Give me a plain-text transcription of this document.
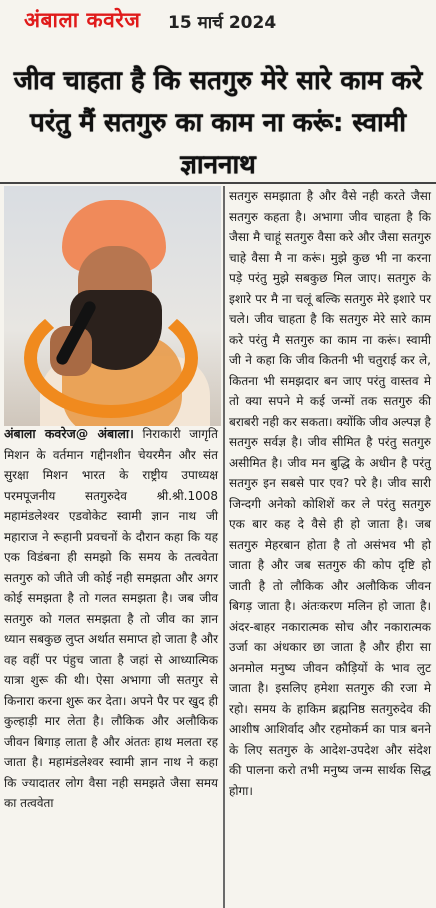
अंबाला कवरेज 15 मार्च 2024
जीव चाहता है कि सतगुरु मेरे सारे काम करे परंतु मैं सतगुरु का काम ना करूं: स्वामी ज्ञाननाथ
अंबाला कवरेज@ अंबाला। निराकारी जागृति मिशन के वर्तमान गद्दीनशीन चेयरमैन और संत सुरक्षा मिशन भारत के राष्ट्रीय उपाध्यक्ष परमपूजनीय सतगुरुदेव श्री.श्री.1008 महामंडलेश्वर एडवोकेट स्वामी ज्ञान नाथ जी महाराज ने रूहानी प्रवचनों के दौरान कहा कि यह एक विडंबना ही समझो कि समय के तत्ववेता सतगुरु को जीते जी कोई नही समझता और अगर कोई समझता है तो गलत समझता है। जब जीव सतगुरु को गलत समझता है तो जीव का ज्ञान ध्यान सबकुछ लुप्त अर्थात समाप्त हो जाता है और वह वहीं पर पंहुच जाता है जहां से आध्यात्मिक यात्रा शुरू की थी। ऐसा अभागा जी सतगुर से किनारा करना शुरू कर देता। अपने पैर पर खुद ही कुल्हाड़ी मार लेता है। लौकिक और अलौकिक जीवन बिगाड़ लाता है और अंततः हाथ मलता रह जाता है। महामंडलेश्वर स्वामी ज्ञान नाथ ने कहा कि ज्यादातर लोग वैसा नही समझते जैसा समय का तत्ववेता
सतगुरु समझाता है और वैसे नही करते जैसा सतगुरु कहता है। अभागा जीव चाहता है कि जैसा मै चाहूं सतगुरु वैसा करे और जैसा सतगुरु चाहे वैसा मै ना करूं। मुझे कुछ भी ना करना पड़े परंतु मुझे सबकुछ मिल जाए। सतगुरु के इशारे पर मै ना चलूं बल्कि सतगुरु मेरे इशारे पर चले। जीव चाहता है कि सतगुरु मेरे सारे काम करे परंतु मै सतगुरु का काम ना करूं। स्वामी जी ने कहा कि जीव कितनी भी चतुराई कर ले, कितना भी समझदार बन जाए परंतु वास्तव मे तो क्या सपने मे कई जन्मों तक सतगुरु की बराबरी नही कर सकता। क्योंकि जीव अल्पज्ञ है सतगुरु सर्वज्ञ है। जीव सीमित है परंतु सतगुरु असीमित है। जीव मन बुद्धि के अधीन है परंतु सतगुरु इन सबसे पार एव? परे है। जीव सारी जिन्दगी अनेको कोशिशें कर ले परंतु सतगुरु एक बार कह दे वैसे ही हो जाता है। जब सतगुरु मेहरबान होता है तो असंभव भी हो जाता है और जब सतगुरु की कोप दृष्टि हो जाती है तो लौकिक और अलौकिक जीवन बिगड़ जाता है। अंतःकरण मलिन हो जाता है। अंदर-बाहर नकारात्मक सोच और नकारात्मक उर्जा का अंधकार छा जाता है और हीरा सा अनमोल मनुष्य जीवन कौड़ियों के भाव लुट जाता है। इसलिए हमेशा सतगुरु की रजा मे रहो। समय के हाकिम ब्रह्मनिष्ठ सतगुरुदेव की आशीष आशिर्वाद और रहमोकर्म का पात्र बनने के लिए सतगुरु के आदेश-उपदेश और संदेश की पालना करो तभी मनुष्य जन्म सार्थक सिद्ध होगा।
